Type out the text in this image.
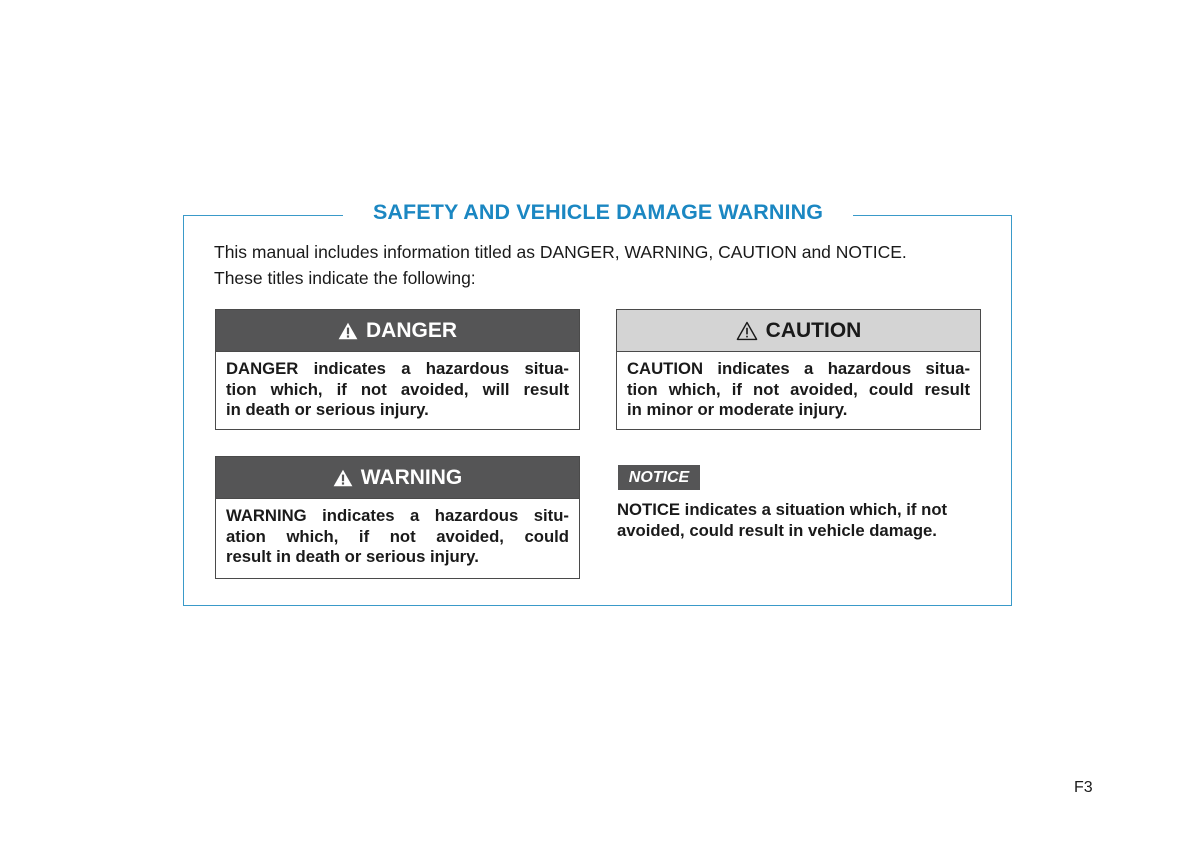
SAFETY AND VEHICLE DAMAGE WARNING

This manual includes information titled as DANGER, WARNING, CAUTION and NOTICE.

These titles indicate the following:

DANGER
DANGER indicates a hazardous situa-
tion which, if not avoided, will result
in death or serious injury.
CAUTION
CAUTION indicates a hazardous situa-
tion which, if not avoided, could result
in minor or moderate injury.
WARNING
WARNING indicates a hazardous situ-
ation which, if not avoided, could
result in death or serious injury.
NOTICE

NOTICE indicates a situation which, if not

avoided, could result in vehicle damage.

F3
